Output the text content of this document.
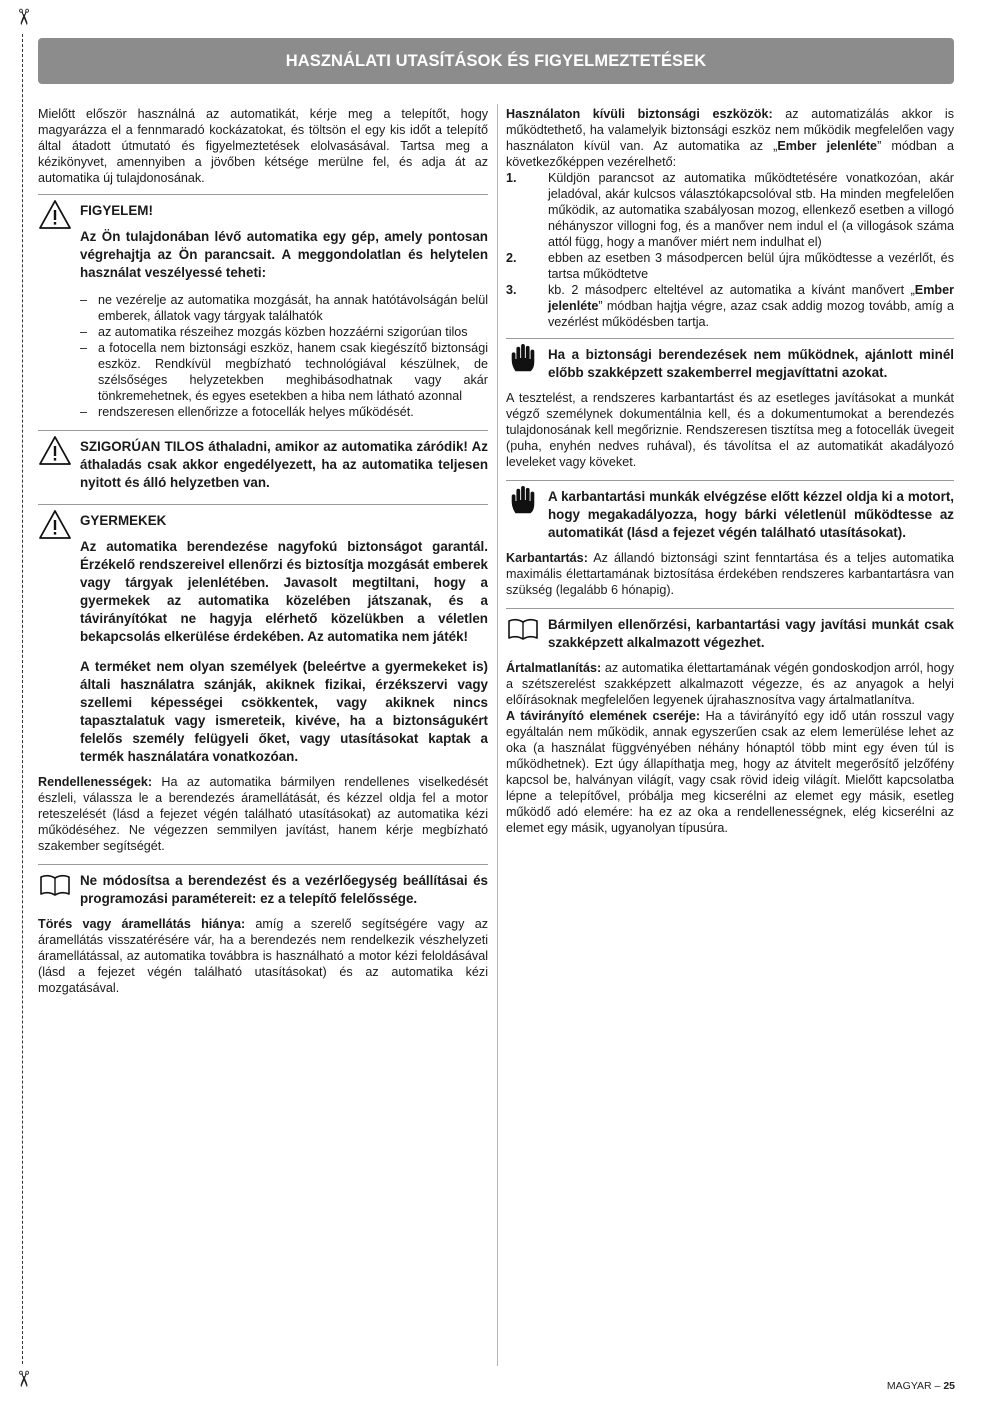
✂
✂
HASZNÁLATI UTASÍTÁSOK ÉS FIGYELMEZTETÉSEK

Mielőtt először használná az automatikát, kérje meg a telepítőt, hogy magyarázza el a fennmaradó kockázatokat, és töltsön el egy kis időt a telepítő által átadott útmutató és figyelmeztetések elolvasásával. Tartsa meg a kézikönyvet, amennyiben a jövőben kétsége merülne fel, és adja át az automatika új tulajdonosának.

FIGYELEM!

Az Ön tulajdonában lévő automatika egy gép, amely pontosan végrehajtja az Ön parancsait. A meggondolatlan és helytelen használat veszélyessé teheti:

– ne vezérelje az automatika mozgását, ha annak hatótávolságán belül emberek, állatok vagy tárgyak találhatók
– az automatika részeihez mozgás közben hozzáérni szigorúan tilos
– a fotocella nem biztonsági eszköz, hanem csak kiegészítő biztonsági eszköz. Rendkívül megbízható technológiával készülnek, de szélsőséges helyzetekben meghibásodhatnak vagy akár tönkremehetnek, és egyes esetekben a hiba nem látható azonnal
– rendszeresen ellenőrizze a fotocellák helyes működését.

SZIGORÚAN TILOS áthaladni, amikor az automatika záródik! Az áthaladás csak akkor engedélyezett, ha az automatika teljesen nyitott és álló helyzetben van.

GYERMEKEK

Az automatika berendezése nagyfokú biztonságot garantál. Érzékelő rendszereivel ellenőrzi és biztosítja mozgását emberek vagy tárgyak jelenlétében. Javasolt megtiltani, hogy a gyermekek az automatika közelében játszanak, és a távirányítókat ne hagyja elérhető közelükben a véletlen bekapcsolás elkerülése érdekében. Az automatika nem játék!

A terméket nem olyan személyek (beleértve a gyermekeket is) általi használatra szánják, akiknek fizikai, érzékszervi vagy szellemi képességei csökkentek, vagy akiknek nincs tapasztalatuk vagy ismereteik, kivéve, ha a biztonságukért felelős személy felügyeli őket, vagy utasításokat kaptak a termék használatára vonatkozóan.

Rendellenességek: Ha az automatika bármilyen rendellenes viselkedését észleli, válassza le a berendezés áramellátását, és kézzel oldja fel a motor reteszelését (lásd a fejezet végén található utasításokat) az automatika kézi működéséhez. Ne végezzen semmilyen javítást, hanem kérje megbízható szakember segítségét.

Ne módosítsa a berendezést és a vezérlőegység beállításai és programozási paramétereit: ez a telepítő felelőssége.

Törés vagy áramellátás hiánya: amíg a szerelő segítségére vagy az áramellátás visszatérésére vár, ha a berendezés nem rendelkezik vészhelyzeti áramellátással, az automatika továbbra is használható a motor kézi feloldásával (lásd a fejezet végén található utasításokat) és az automatika kézi mozgatásával.

Használaton kívüli biztonsági eszközök: az automatizálás akkor is működtethető, ha valamelyik biztonsági eszköz nem működik megfelelően vagy használaton kívül van. Az automatika az „Ember jelenléte” módban a következőképpen vezérelhető:

1. Küldjön parancsot az automatika működtetésére vonatkozóan, akár jeladóval, akár kulcsos választókapcsolóval stb. Ha minden megfelelően működik, az automatika szabályosan mozog, ellenkező esetben a villogó néhányszor villogni fog, és a manőver nem indul el (a villogások száma attól függ, hogy a manőver miért nem indulhat el)
2. ebben az esetben 3 másodpercen belül újra működtesse a vezérlőt, és tartsa működtetve
3. kb. 2 másodperc elteltével az automatika a kívánt manővert „Ember jelenléte” módban hajtja végre, azaz csak addig mozog tovább, amíg a vezérlést működésben tartja.

Ha a biztonsági berendezések nem működnek, ajánlott minél előbb szakképzett szakemberrel megjavíttatni azokat.

A tesztelést, a rendszeres karbantartást és az esetleges javításokat a munkát végző személynek dokumentálnia kell, és a dokumentumokat a berendezés tulajdonosának kell megőriznie. Rendszeresen tisztítsa meg a fotocellák üvegeit (puha, enyhén nedves ruhával), és távolítsa el az automatikát akadályozó leveleket vagy köveket.

A karbantartási munkák elvégzése előtt kézzel oldja ki a motort, hogy megakadályozza, hogy bárki véletlenül működtesse az automatikát (lásd a fejezet végén található utasításokat).

Karbantartás: Az állandó biztonsági szint fenntartása és a teljes automatika maximális élettartamának biztosítása érdekében rendszeres karbantartásra van szükség (legalább 6 hónapig).

Bármilyen ellenőrzési, karbantartási vagy javítási munkát csak szakképzett alkalmazott végezhet.

Ártalmatlanítás: az automatika élettartamának végén gondoskodjon arról, hogy a szétszerelést szakképzett alkalmazott végezze, és az anyagok a helyi előírásoknak megfelelően legyenek újrahasznosítva vagy ártalmatlanítva.

A távirányító elemének cseréje: Ha a távirányító egy idő után rosszul vagy egyáltalán nem működik, annak egyszerűen csak az elem lemerülése lehet az oka (a használat függvényében néhány hónaptól több mint egy éven túl is működhetnek). Ezt úgy állapíthatja meg, hogy az átvitelt megerősítő jelzőfény kapcsol be, halványan világít, vagy csak rövid ideig világít. Mielőtt kapcsolatba lépne a telepítővel, próbálja meg kicserélni az elemet egy másik, esetleg működő adó elemére: ha ez az oka a rendellenességnek, elég kicserélni az elemet egy másik, ugyanolyan típusúra.

MAGYAR – 25
